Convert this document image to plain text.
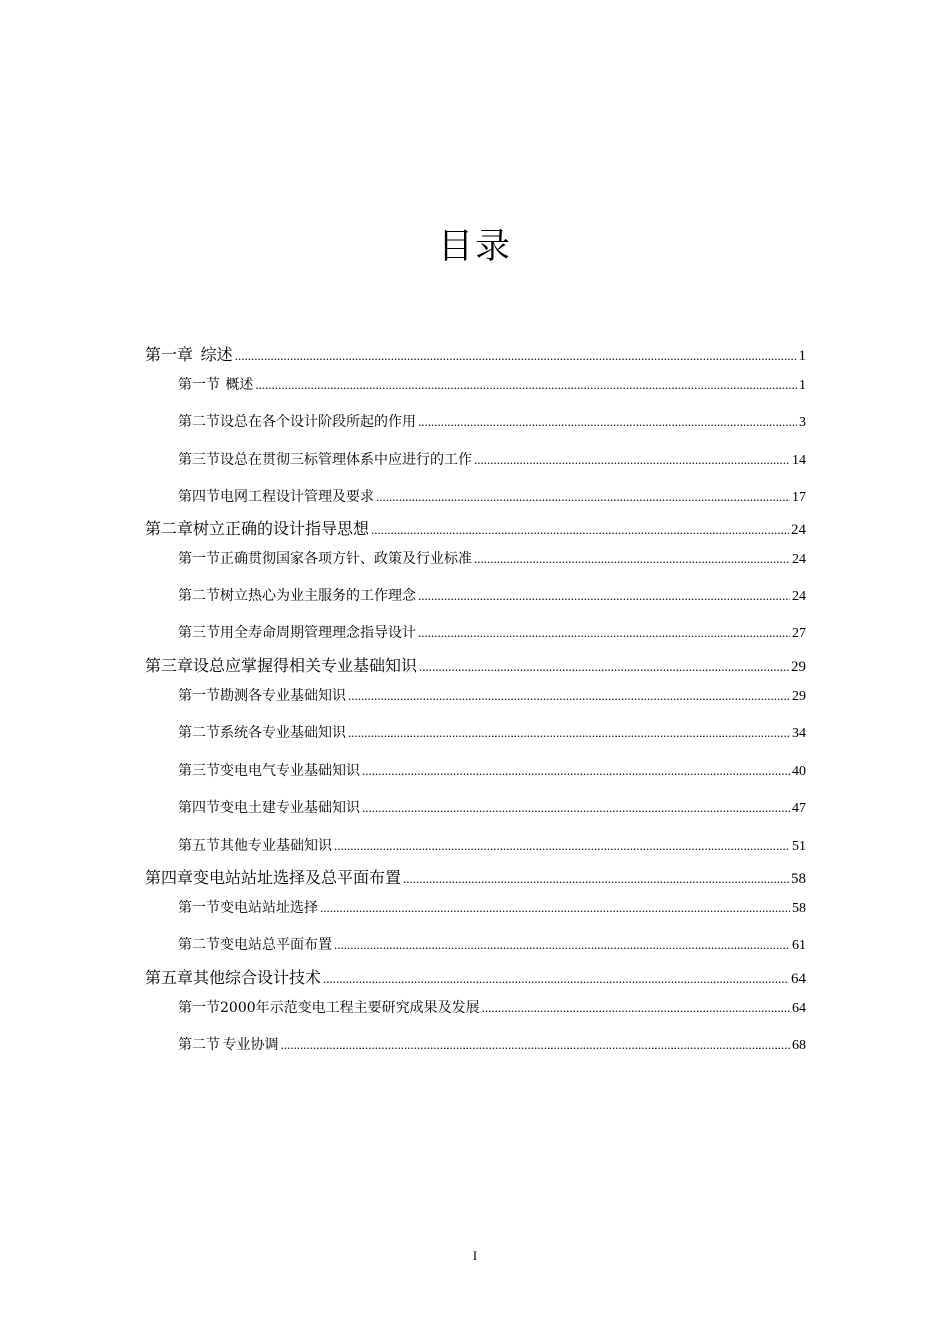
目录
第一章 综述 .....	1
第一节 概述 .....	1
第二节 设总在各个设计阶段所起的作用 .....	3
第三节 设总在贯彻三标管理体系中应进行的工作 .....	14
第四节 电网工程设计管理及要求 .....	17
第二章 树立正确的设计指导思想 .....	24
第一节 正确贯彻国家各项方针、政策及行业标准 .....	24
第二节 树立热心为业主服务的工作理念 .....	24
第三节 用全寿命周期管理理念指导设计 .....	27
第三章 设总应掌握得相关专业基础知识 .....	29
第一节 勘测各专业基础知识 .....	29
第二节 系统各专业基础知识 .....	34
第三节 变电电气专业基础知识 .....	40
第四节 变电土建专业基础知识 .....	47
第五节 其他专业基础知识 .....	51
第四章 变电站站址选择及总平面布置 .....	58
第一节 变电站站址选择 .....	58
第二节 变电站总平面布置 .....	61
第五章 其他综合设计技术 .....	64
第一节 2000年示范变电工程主要研究成果及发展 .....	64
第二节 专业协调 .....	68
I
